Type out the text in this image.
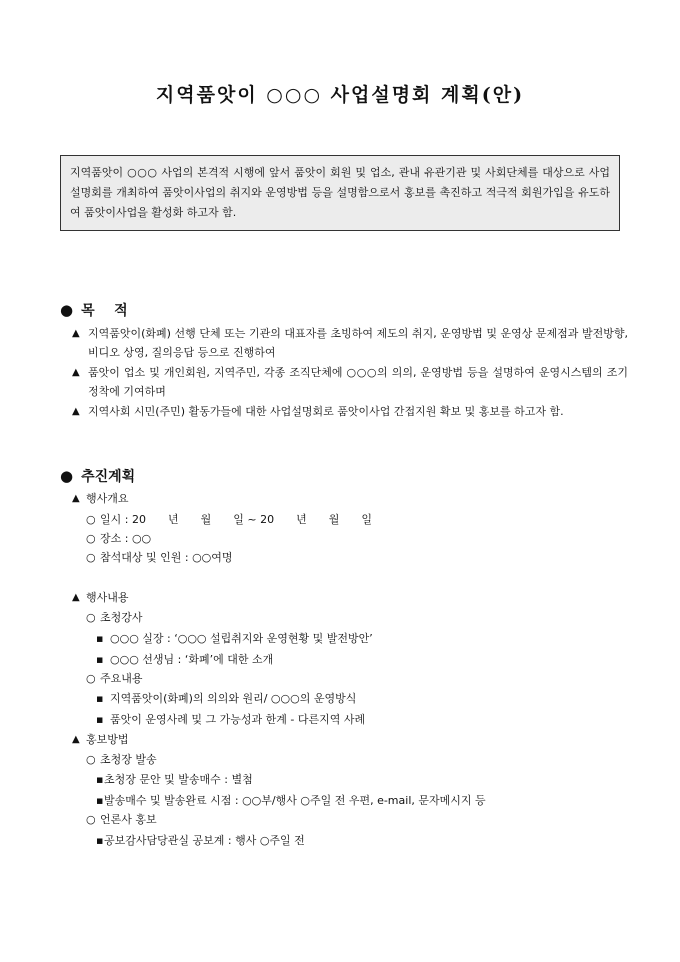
지역품앗이 ○○○ 사업설명회 계획(안)
지역품앗이 ○○○ 사업의 본격적 시행에 앞서 품앗이 회원 및 업소, 관내 유관기관 및 사회단체를 대상으로 사업설명회를 개최하여 품앗이사업의 취지와 운영방법 등을 설명함으로서 홍보를 촉진하고 적극적 회원가입을 유도하여 품앗이사업을 활성화 하고자 함.
● 목    적
▲ 지역품앗이(화폐) 선행 단체 또는 기관의 대표자를 초빙하여 제도의 취지, 운영방법 및 운영상 문제점과 발전방향, 비디오 상영, 질의응답 등으로 진행하여
▲ 품앗이 업소 및 개인회원, 지역주민, 각종 조직단체에 ○○○의 의의, 운영방법 등을 설명하여 운영시스템의 조기정착에 기여하며
▲ 지역사회 시민(주민) 활동가들에 대한 사업설명회로 품앗이사업 간접지원 확보 및 홍보를 하고자 함.
● 추진계획
▲ 행사개요
○ 일시 : 20 년 월 일 ~ 20 년 월 일
○ 장소 : ○○
○ 참석대상 및 인원 : ○○여명
▲ 행사내용
○ 초청강사
▪ ○○○ 실장 : ‘○○○ 설립취지와 운영현황 및 발전방안’
▪ ○○○ 선생님 : ‘화폐’에 대한 소개
○ 주요내용
▪ 지역품앗이(화폐)의 의의와 원리/ ○○○의 운영방식
▪ 품앗이 운영사례 및 그 가능성과 한계 - 다른지역 사례
▲ 홍보방법
○ 초청장 발송
▪ 초청장 문안 및 발송매수 : 별첨
▪ 발송매수 및 발송완료 시점 : ○○부/행사 ○주일 전 우편, e-mail, 문자메시지 등
○ 언론사 홍보
▪ 공보감사담당관실 공보계 : 행사 ○주일 전
